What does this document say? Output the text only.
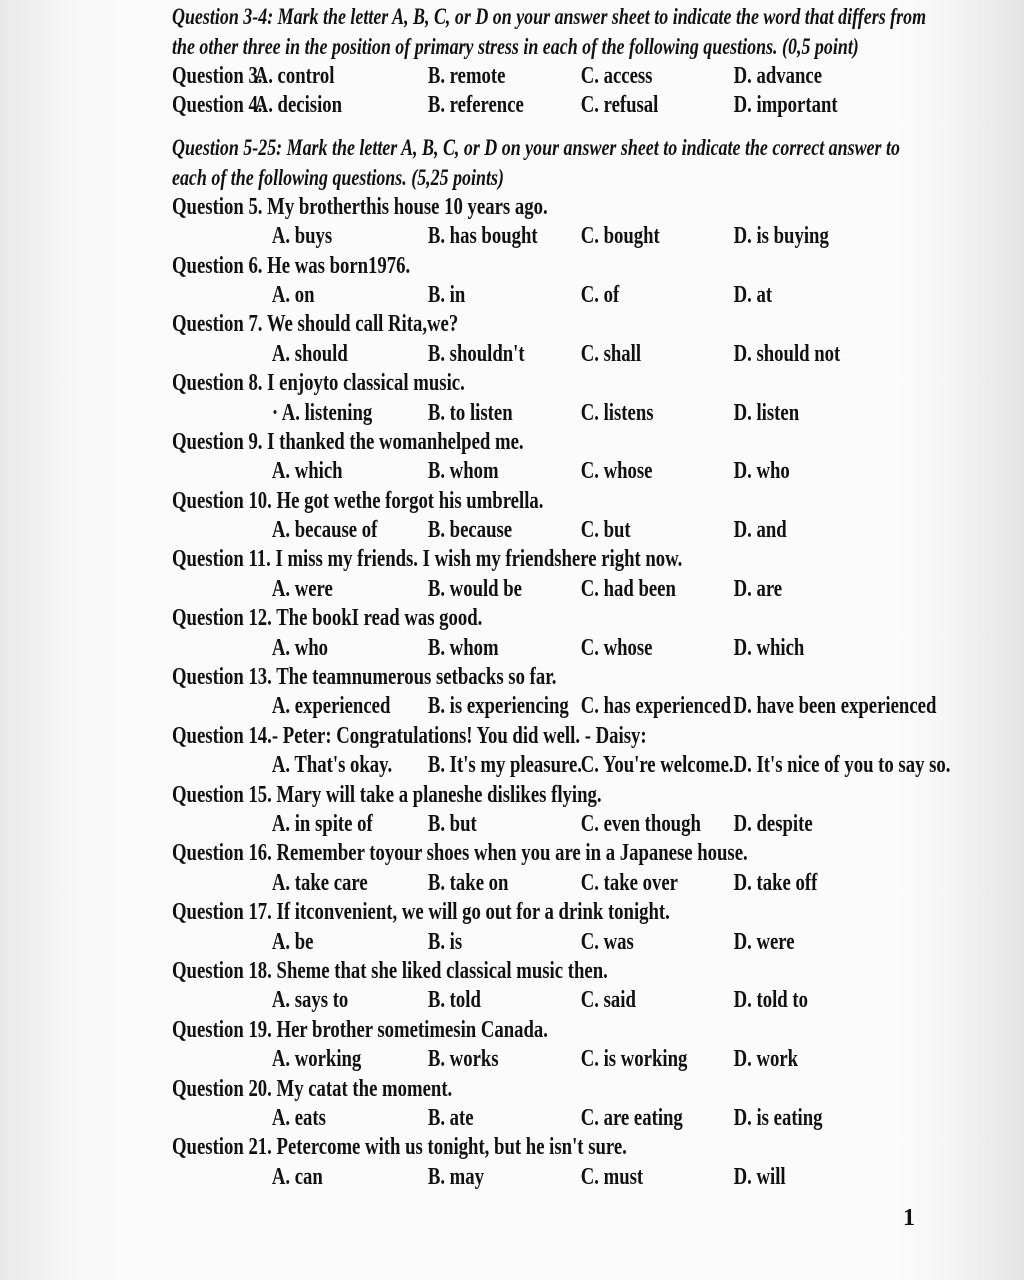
Question 3-4: Mark the letter A, B, C, or D on your answer sheet to indicate the word that differs from the other three in the position of primary stress in each of the following questions. (0,5 point)

Question 3.
A. control	B. remote	C. access	D. advance
Question 4.
A. decision	B. reference C. refusal	D. important

Question 5-25: Mark the letter A, B, C, or D on your answer sheet to indicate the correct answer to each of the following questions. (5,25 points)

Question 5. My brotherthis house 10 years ago.
A. buys	B. has bought C. bought	D. is buying
Question 6. He was born1976.
A. on	B. in	C. of	D. at
Question 7. We should call Rita,we?
A. should	B. shouldn't C. shall	D. should not
Question 8. I enjoyto classical music.
· A. listening B. to listen	C. listens	D. listen
Question 9. I thanked the womanhelped me.
A. which	B. whom	C. whose	D. who
Question 10. He got wethe forgot his umbrella.
A. because of B. because	C. but	D. and
Question 11. I miss my friends. I wish my friendshere right now.
A. were	B. would be C. had been D. are
Question 12. The bookI read was good.
A. who	B. whom	C. whose	D. which
Question 13. The teamnumerous setbacks so far.
A. experienced B. is experiencing C. has experienced D. have been experienced
Question 14.- Peter: Congratulations! You did well. - Daisy:
A. That's okay. B. It's my pleasure.
C. You're welcome. D. It's nice of you to say so.
Question 15. Mary will take a planeshe dislikes flying.
A. in spite of B. but	C. even though D. despite
Question 16. Remember toyour shoes when you are in a Japanese house.
A. take care	B. take on	C. take over D. take off
Question 17. If itconvenient, we will go out for a drink tonight.
A. be	B. is	C. was	D. were
Question 18. Sheme that she liked classical music then.
A. says to	B. told	C. said	D. told to
Question 19. Her brother sometimesin Canada.
A. working	B. works	C. is working D. work
Question 20. My catat the moment.
A. eats	B. ate	C. are eating D. is eating
Question 21. Petercome with us tonight, but he isn't sure.
A. can	B. may	C. must	D. will
1
